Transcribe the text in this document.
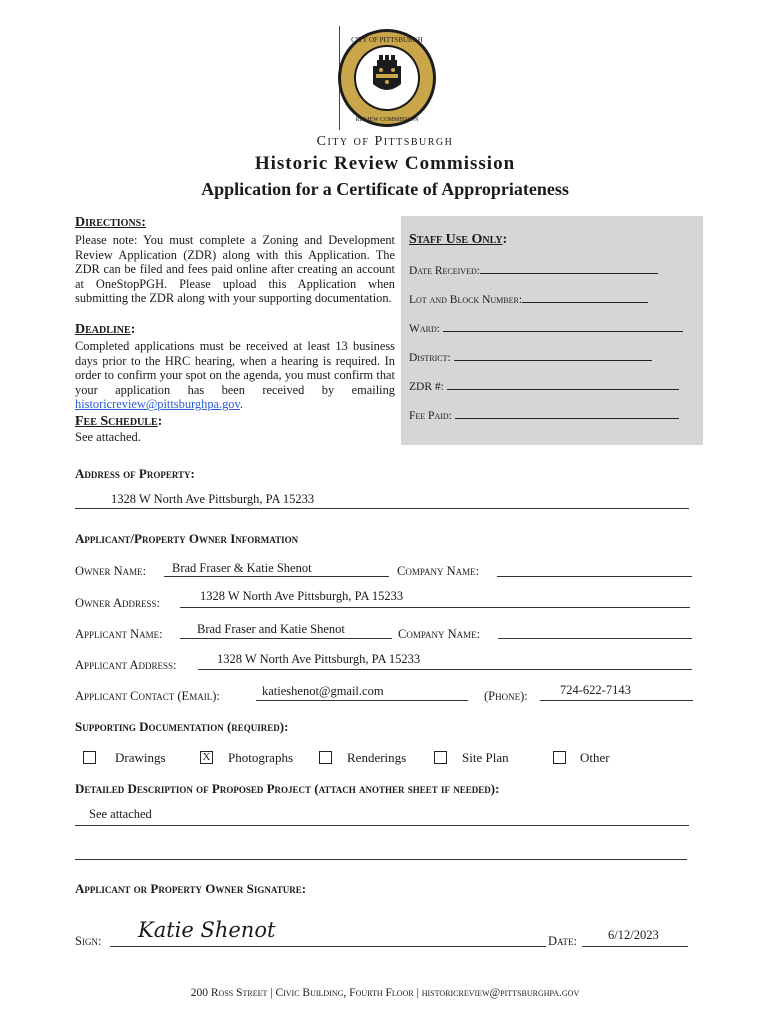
CITY OF PITTSBURGH
REVIEW COMMISSION
City of Pittsburgh
Historic Review Commission
Application for a Certificate of Appropriateness
Directions:
Please note: You must complete a Zoning and Development Review Application (ZDR) along with this Application. The ZDR can be filed and fees paid online after creating an account at OneStopPGH. Please upload this Application when submitting the ZDR along with your supporting documentation.
Deadline:
Completed applications must be received at least 13 business days prior to the HRC hearing, when a hearing is required. In order to confirm your spot on the agenda, you must confirm that your application has been received by emailing historicreview@pittsburghpa.gov.
Fee Schedule:
See attached.
Staff Use Only:
Date Received:
Lot and Block Number:
Ward:
District:
ZDR #:
Fee Paid:
Address of Property:
1328 W North Ave Pittsburgh, PA 15233
Applicant/Property Owner Information
Owner Name: Brad Fraser & Katie Shenot	Company Name:
Owner Address:	1328 W North Ave Pittsburgh, PA 15233
Applicant Name:	Brad Fraser and Katie Shenot	Company Name:
Applicant Address:	1328 W North Ave Pittsburgh, PA 15233
Applicant Contact (Email):	katieshenot@gmail.com	(Phone):	724-622-7143
Supporting Documentation (required):
Drawings	X Photographs	Renderings	Site Plan	Other
Detailed Description of Proposed Project (attach another sheet if needed):
See attached
Applicant or Property Owner Signature:
Sign: Katie Shenot	Date: 6/12/2023
200 Ross Street | Civic Building, Fourth Floor | historicreview@pittsburghpa.gov
